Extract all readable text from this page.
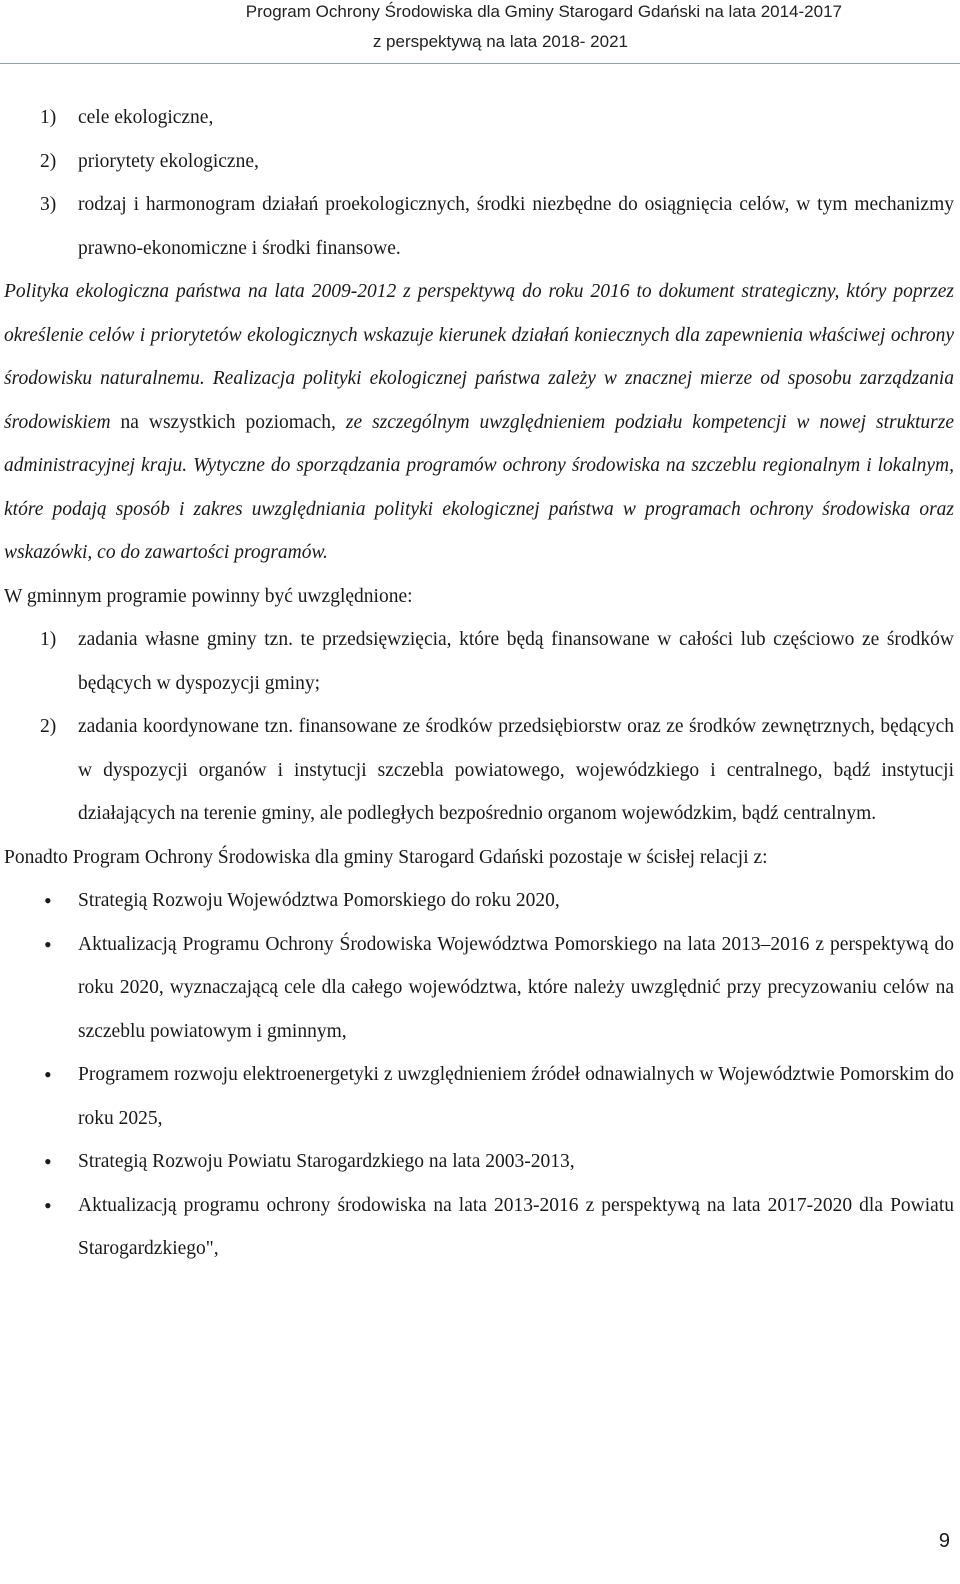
Program Ochrony Środowiska dla Gminy Starogard Gdański na lata 2014-2017
z perspektywą na lata 2018- 2021
1) cele ekologiczne,
2) priorytety ekologiczne,
3) rodzaj i harmonogram działań proekologicznych, środki niezbędne do osiągnięcia celów, w tym mechanizmy prawno-ekonomiczne i środki finansowe.

Polityka ekologiczna państwa na lata 2009-2012 z perspektywą do roku 2016 to dokument strategiczny, który poprzez określenie celów i priorytetów ekologicznych wskazuje kierunek działań koniecznych dla zapewnienia właściwej ochrony środowisku naturalnemu. Realizacja polityki ekologicznej państwa zależy w znacznej mierze od sposobu zarządzania środowiskiem na wszystkich poziomach, ze szczególnym uwzględnieniem podziału kompetencji w nowej strukturze administracyjnej kraju. Wytyczne do sporządzania programów ochrony środowiska na szczeblu regionalnym i lokalnym, które podają sposób i zakres uwzględniania polityki ekologicznej państwa w programach ochrony środowiska oraz wskazówki, co do zawartości programów.

W gminnym programie powinny być uwzględnione:

1) zadania własne gminy tzn. te przedsięwzięcia, które będą finansowane w całości lub częściowo ze środków będących w dyspozycji gminy;
2) zadania koordynowane tzn. finansowane ze środków przedsiębiorstw oraz ze środków zewnętrznych, będących w dyspozycji organów i instytucji szczebla powiatowego, wojewódzkiego i centralnego, bądź instytucji działających na terenie gminy, ale podległych bezpośrednio organom wojewódzkim, bądź centralnym.

Ponadto Program Ochrony Środowiska dla gminy Starogard Gdański pozostaje w ścisłej relacji z:

• Strategią Rozwoju Województwa Pomorskiego do roku 2020,
• Aktualizacją Programu Ochrony Środowiska Województwa Pomorskiego na lata 2013–2016 z perspektywą do roku 2020, wyznaczającą cele dla całego województwa, które należy uwzględnić przy precyzowaniu celów na szczeblu powiatowym i gminnym,
• Programem rozwoju elektroenergetyki z uwzględnieniem źródeł odnawialnych w Województwie Pomorskim do roku 2025,
• Strategią Rozwoju Powiatu Starogardzkiego na lata 2003-2013,
• Aktualizacją programu ochrony środowiska na lata 2013-2016 z perspektywą na lata 2017-2020 dla Powiatu Starogardzkiego",
9
